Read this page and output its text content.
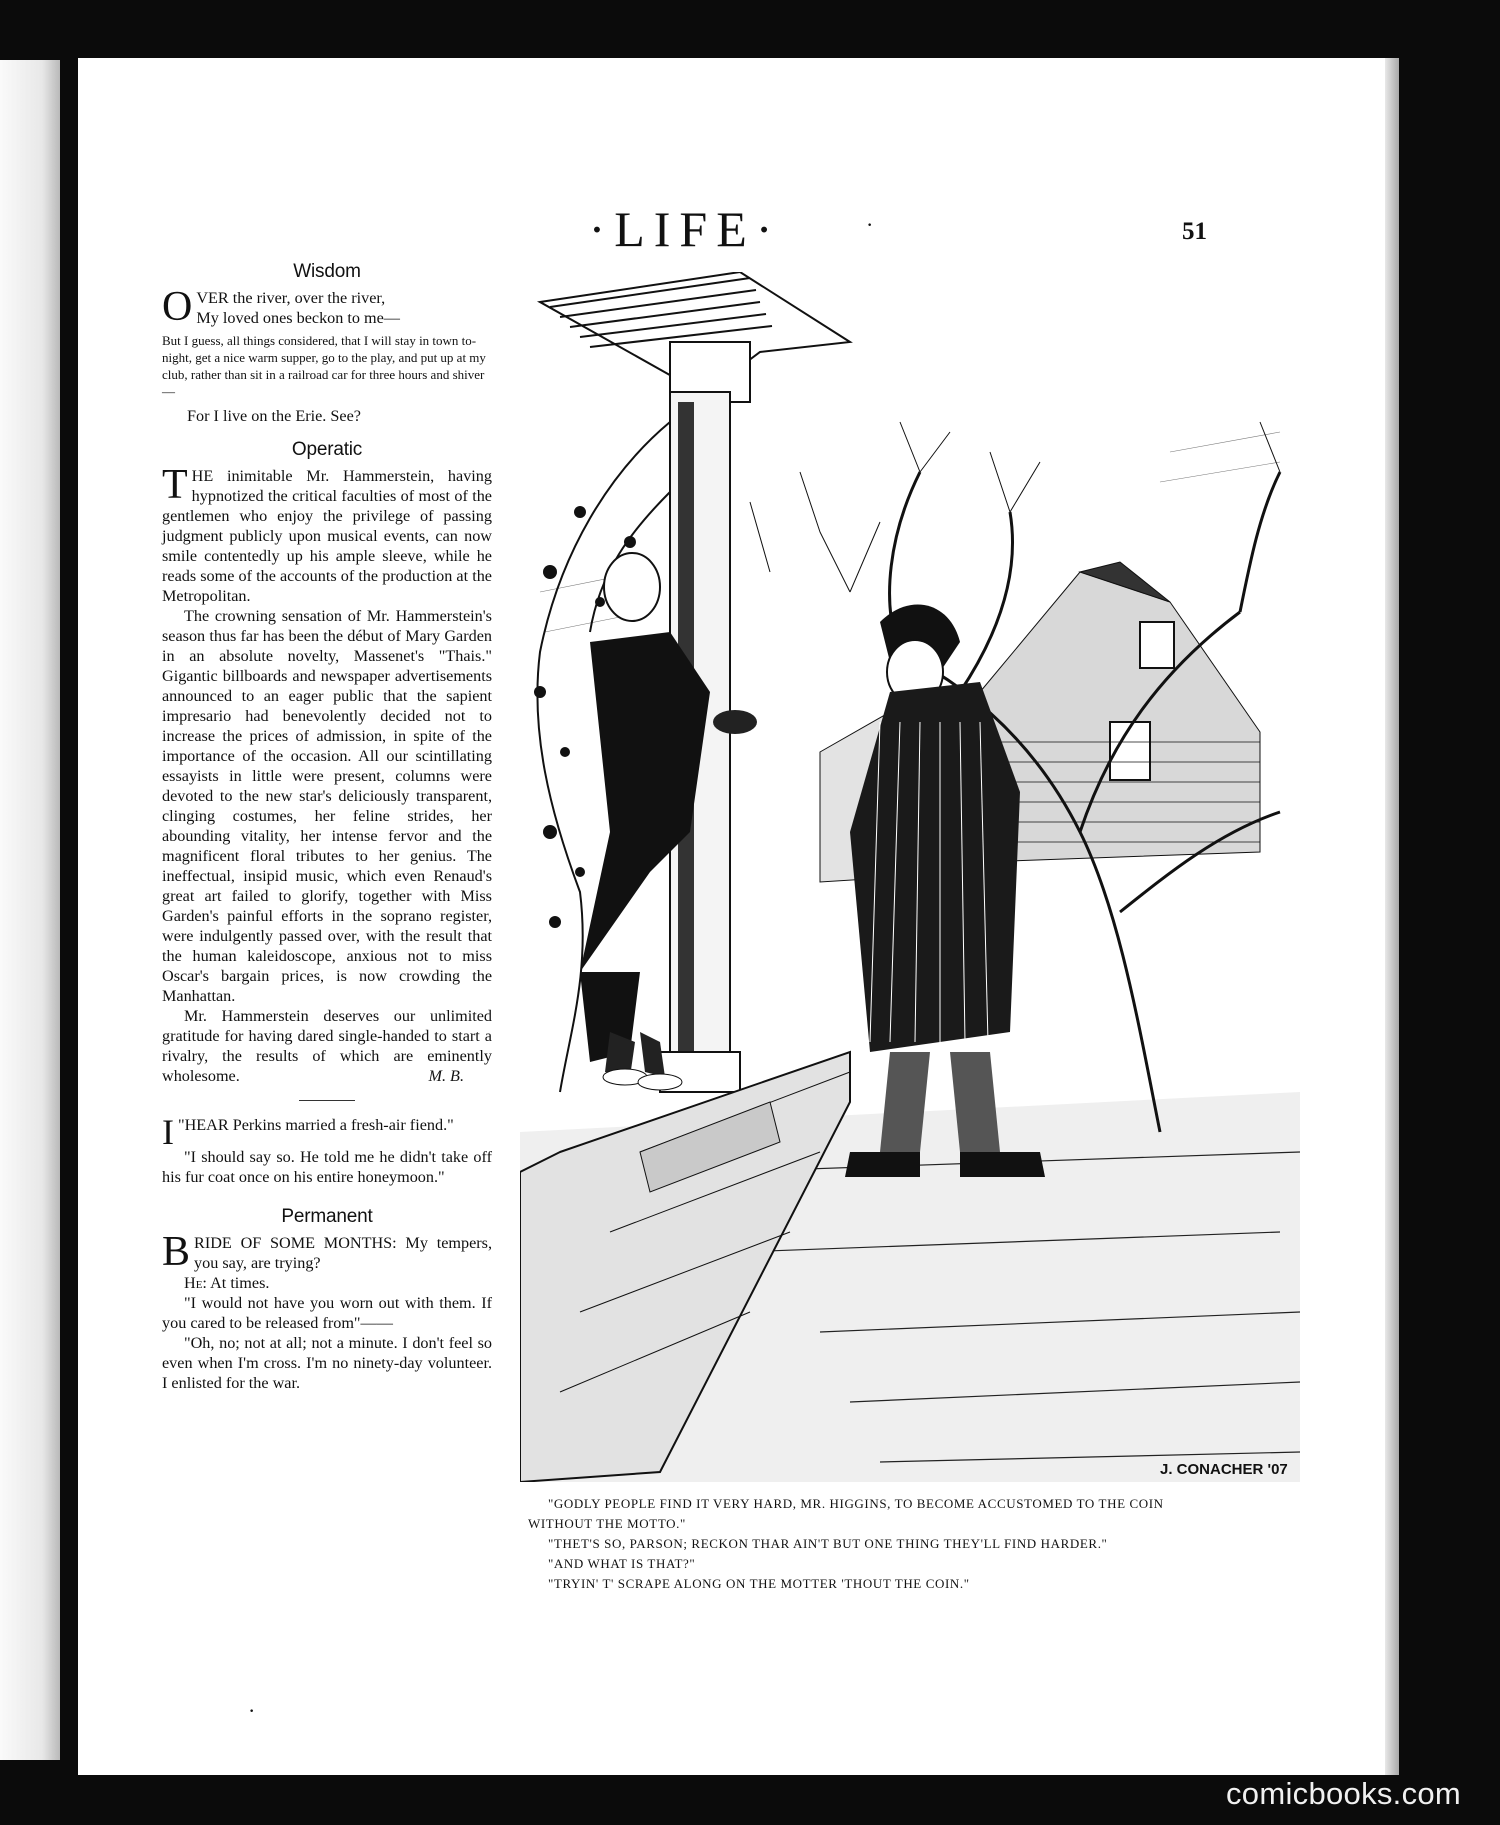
·LIFE·	51
·
·
Wisdom
O VER the river, over the river,

My loved ones beckon to me—

But I guess, all things considered, that I will stay in town to-night, get a nice warm supper, go to the play, and put up at my club, rather than sit in a railroad car for three hours and shiver—

For I live on the Erie. See?

Operatic

THE inimitable Mr. Hammerstein, having hypnotized the critical faculties of most of the gentlemen who enjoy the privilege of passing judgment publicly upon musical events, can now smile contentedly up his ample sleeve, while he reads some of the accounts of the production at the Metropolitan.

The crowning sensation of Mr. Hammerstein's season thus far has been the début of Mary Garden in an absolute novelty, Massenet's "Thais." Gigantic billboards and newspaper advertisements announced to an eager public that the sapient impresario had benevolently decided not to increase the prices of admission, in spite of the importance of the occasion. All our scintillating essayists in little were present, columns were devoted to the new star's deliciously transparent, clinging costumes, her feline strides, her abounding vitality, her intense fervor and the magnificent floral tributes to her genius. The ineffectual, insipid music, which even Renaud's great art failed to glorify, together with Miss Garden's painful efforts in the soprano register, were indulgently passed over, with the result that the human kaleidoscope, anxious not to miss Oscar's bargain prices, is now crowding the Manhattan.

Mr. Hammerstein deserves our unlimited gratitude for having dared single-handed to start a rivalry, the results of which are eminently wholesome.	M. B.

"
I HEAR Perkins married a fresh-air fiend."

"I should say so. He told me he didn't take off his fur coat once on his entire honeymoon."

Permanent

BRIDE OF SOME MONTHS: My tempers, you say, are trying?

He: At times.

"I would not have you worn out with them. If you cared to be released from"——

"Oh, no; not at all; not a minute. I don't feel so even when I'm cross. I'm no ninety-day volunteer. I enlisted for the war.

J. CONACHER '07

"GODLY PEOPLE FIND IT VERY HARD, MR. HIGGINS, TO BECOME ACCUSTOMED TO THE COIN WITHOUT THE MOTTO."

"THET'S SO, PARSON; RECKON THAR AIN'T BUT ONE THING THEY'LL FIND HARDER."

"AND WHAT IS THAT?"

"TRYIN' T' SCRAPE ALONG ON THE MOTTER 'THOUT THE COIN."

comicbooks.com
